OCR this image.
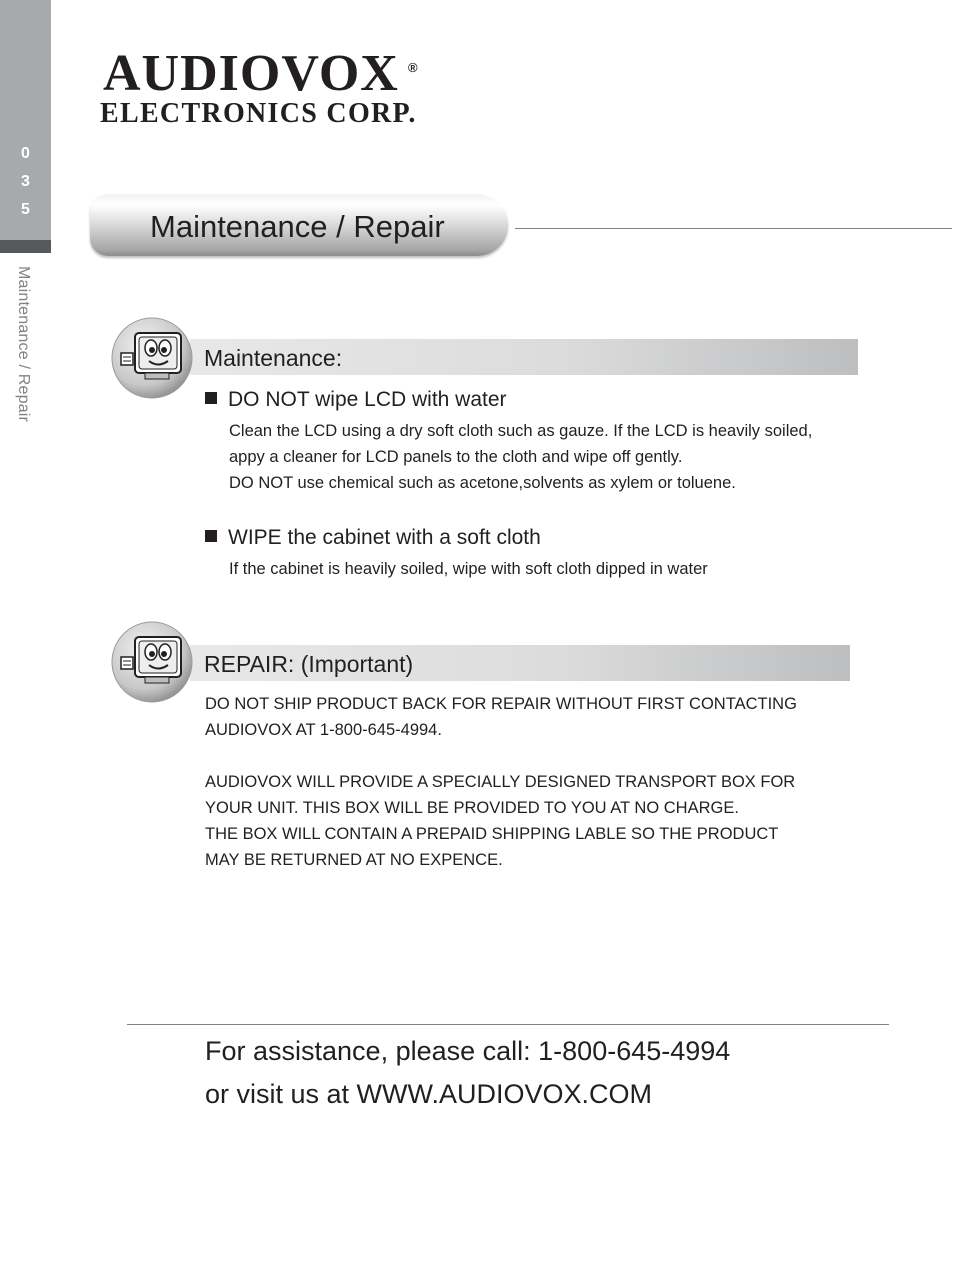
0
3
5
Maintenance / Repair
AUDIOVOX ®
ELECTRONICS CORP.
Maintenance / Repair
Maintenance:
DO NOT wipe LCD with water
Clean the LCD using a dry soft cloth such as gauze. If the LCD is heavily soiled,
appy a cleaner for LCD panels to the cloth and wipe off gently.
DO NOT use chemical such as acetone,solvents as xylem or toluene.
WIPE the cabinet with a soft cloth
If the cabinet is heavily soiled, wipe with soft cloth dipped in water
REPAIR: (Important)
DO NOT SHIP PRODUCT BACK FOR REPAIR WITHOUT FIRST CONTACTING
AUDIOVOX AT 1-800-645-4994.
AUDIOVOX WILL PROVIDE A SPECIALLY DESIGNED TRANSPORT BOX FOR
YOUR UNIT. THIS BOX WILL BE PROVIDED TO YOU AT NO CHARGE.
THE BOX WILL CONTAIN A PREPAID SHIPPING LABLE SO THE PRODUCT
MAY BE RETURNED AT NO EXPENCE.
For assistance, please call: 1-800-645-4994
or visit us at WWW.AUDIOVOX.COM
